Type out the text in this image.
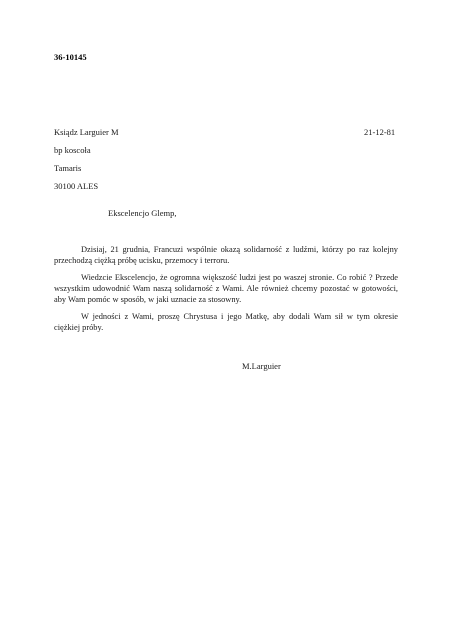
36-10145
Ksiądz Larguier M
bp koscoła
Tamaris
30100 ALES
21-12-81
Ekscelencjo Glemp,

Dzisiaj, 21 grudnia, Francuzi wspólnie okazą solidarność z ludźmi, którzy po raz kolejny przechodzą ciężką próbę ucisku, przemocy i terroru.

Wiedzcie Ekscelencjo, że ogromna większość ludzi jest po waszej stronie. Co robić ? Przede wszystkim udowodnić Wam naszą solidarność z Wami. Ale również chcemy pozostać w gotowości, aby Wam pomóc w sposób, w jaki uznacie za stosowny.

W jedności z Wami, proszę Chrystusa i jego Matkę, aby dodali Wam sił w tym okresie ciężkiej próby.

M.Larguier
